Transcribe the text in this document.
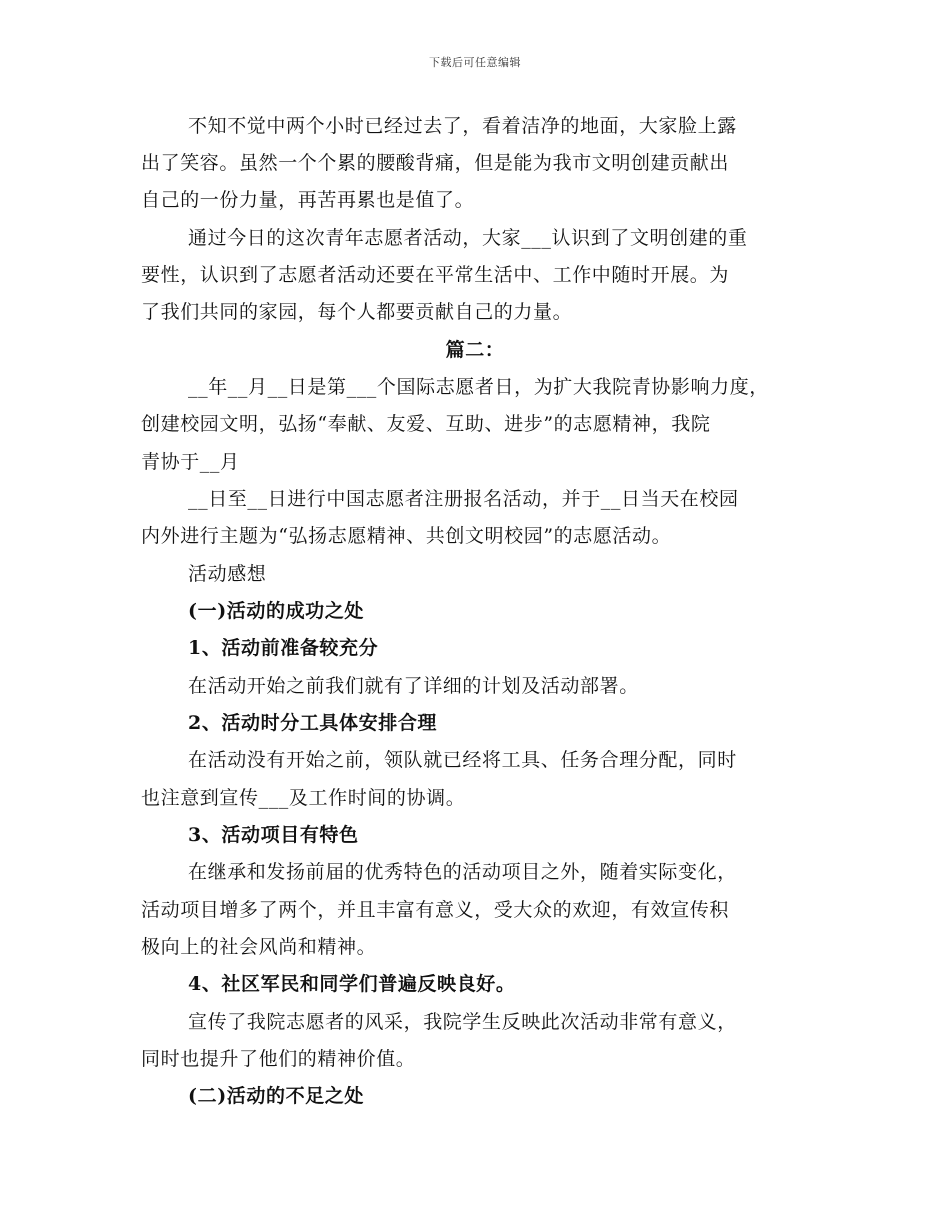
下载后可任意编辑
不知不觉中两个小时已经过去了，看着洁净的地面，大家脸上露
出了笑容。虽然一个个累的腰酸背痛，但是能为我市文明创建贡献出
自己的一份力量，再苦再累也是值了。
通过今日的这次青年志愿者活动，大家___认识到了文明创建的重
要性，认识到了志愿者活动还要在平常生活中、工作中随时开展。为
了我们共同的家园，每个人都要贡献自己的力量。
篇二：
__年__月__日是第___个国际志愿者日，为扩大我院青协影响力度，
创建校园文明，弘扬“奉献、友爱、互助、进步”的志愿精神，我院
青协于__月
__日至__日进行中国志愿者注册报名活动，并于__日当天在校园
内外进行主题为“弘扬志愿精神、共创文明校园”的志愿活动。
活动感想
(一)活动的成功之处
1、活动前准备较充分
在活动开始之前我们就有了详细的计划及活动部署。
2、活动时分工具体安排合理
在活动没有开始之前，领队就已经将工具、任务合理分配，同时
也注意到宣传___及工作时间的协调。
3、活动项目有特色
在继承和发扬前届的优秀特色的活动项目之外，随着实际变化，
活动项目增多了两个，并且丰富有意义，受大众的欢迎，有效宣传积
极向上的社会风尚和精神。
4、社区军民和同学们普遍反映良好。
宣传了我院志愿者的风采，我院学生反映此次活动非常有意义，
同时也提升了他们的精神价值。
(二)活动的不足之处
